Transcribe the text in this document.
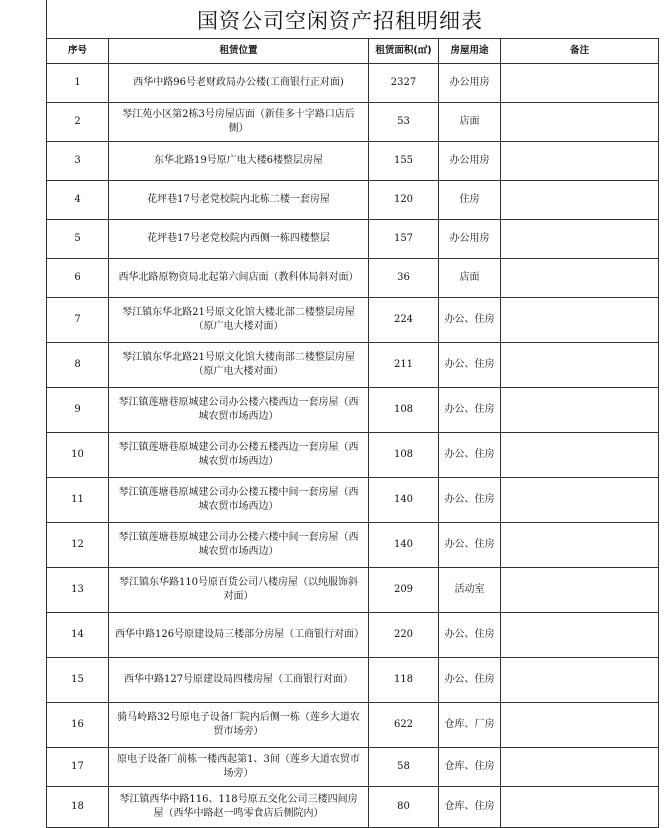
国资公司空闲资产招租明细表
序号	租赁位置	租赁面积(㎡)	房屋用途	备注
1	西华中路96号老财政局办公楼(工商银行正对面)	2327	办公用房	
2	琴江苑小区第2栋3号房屋店面（新佳多十字路口店后侧）	53	店面	
3	东华北路19号原广电大楼6楼整层房屋	155	办公用房	
4	花坪巷17号老党校院内北栋二楼一套房屋	120	住房	
5	花坪巷17号老党校院内西侧一栋四楼整层	157	办公用房	
6	西华北路原物资局北起第六间店面（教科体局斜对面）	36	店面	
7	琴江镇东华北路21号原文化馆大楼北部二楼整层房屋（原广电大楼对面）	224	办公、住房	
8	琴江镇东华北路21号原文化馆大楼南部二楼整层房屋（原广电大楼对面）	211	办公、住房	
9	琴江镇莲塘巷原城建公司办公楼六楼西边一套房屋（西城农贸市场西边）	108	办公、住房	
10	琴江镇莲塘巷原城建公司办公楼五楼西边一套房屋（西城农贸市场西边）	108	办公、住房	
11	琴江镇莲塘巷原城建公司办公楼五楼中间一套房屋（西城农贸市场西边）	140	办公、住房	
12	琴江镇莲塘巷原城建公司办公楼六楼中间一套房屋（西城农贸市场西边）	140	办公、住房	
13	琴江镇东华路110号原百货公司八楼房屋（以纯服饰斜对面）	209	活动室	
14	西华中路126号原建设局三楼部分房屋（工商银行对面）	220	办公、住房	
15	西华中路127号原建设局四楼房屋（工商银行对面）	118	办公、住房	
16	骑马岭路32号原电子设备厂院内后侧一栋（莲乡大道农贸市场旁）	622	仓库、厂房	
17	原电子设备厂前栋一楼西起第1、3间（莲乡大道农贸市场旁）	58	仓库、住房	
18	琴江镇西华中路116、118号原五交化公司三楼四间房屋（西华中路赵一鸣零食店后侧院内）	80	仓库、住房	
